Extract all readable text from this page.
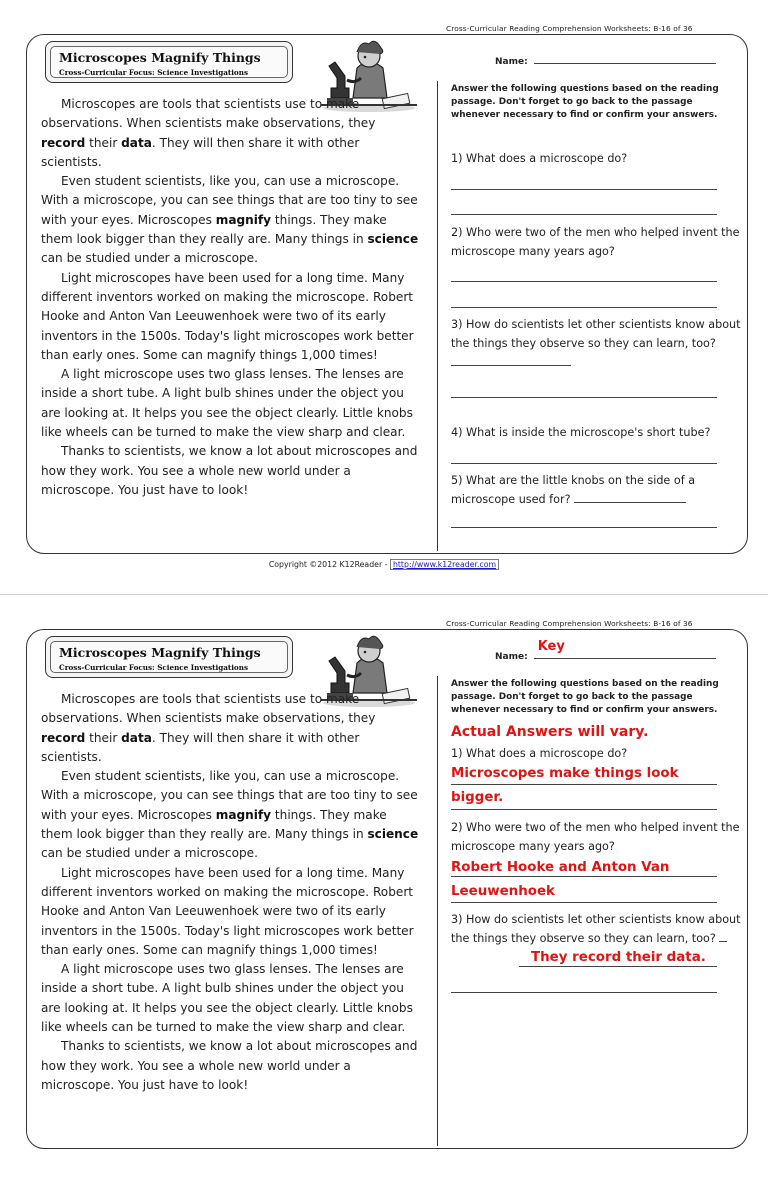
Cross-Curricular Reading Comprehension Worksheets: B-16 of 36
Microscopes Magnify Things
Cross-Curricular Focus: Science Investigations

Microscopes are tools that scientists use to make observations. When scientists make observations, they record their data. They will then share it with other scientists.

Even student scientists, like you, can use a microscope. With a microscope, you can see things that are too tiny to see with your eyes. Microscopes magnify things. They make them look bigger than they really are. Many things in science can be studied under a microscope.

Light microscopes have been used for a long time. Many different inventors worked on making the microscope. Robert Hooke and Anton Van Leeuwenhoek were two of its early inventors in the 1500s. Today's light microscopes work better than early ones. Some can magnify things 1,000 times!

A light microscope uses two glass lenses. The lenses are inside a short tube. A light bulb shines under the object you are looking at. It helps you see the object clearly. Little knobs like wheels can be turned to make the view sharp and clear.

Thanks to scientists, we know a lot about microscopes and how they work. You see a whole new world under a microscope. You just have to look!

Name:
Answer the following questions based on the reading passage. Don't forget to go back to the passage whenever necessary to find or confirm your answers.
1) What does a microscope do?
2) Who were two of the men who helped invent the microscope many years ago?
3) How do scientists let other scientists know about the things they observe so they can learn, too?
4) What is inside the microscope's short tube?
5) What are the little knobs on the side of a microscope used for?
Copyright ©2012 K12Reader - http://www.k12reader.com
Cross-Curricular Reading Comprehension Worksheets: B-16 of 36
Microscopes Magnify Things
Cross-Curricular Focus: Science Investigations

Microscopes are tools that scientists use to make observations. When scientists make observations, they record their data. They will then share it with other scientists.

Even student scientists, like you, can use a microscope. With a microscope, you can see things that are too tiny to see with your eyes. Microscopes magnify things. They make them look bigger than they really are. Many things in science can be studied under a microscope.

Light microscopes have been used for a long time. Many different inventors worked on making the microscope. Robert Hooke and Anton Van Leeuwenhoek were two of its early inventors in the 1500s. Today's light microscopes work better than early ones. Some can magnify things 1,000 times!

A light microscope uses two glass lenses. The lenses are inside a short tube. A light bulb shines under the object you are looking at. It helps you see the object clearly. Little knobs like wheels can be turned to make the view sharp and clear.

Thanks to scientists, we know a lot about microscopes and how they work. You see a whole new world under a microscope. You just have to look!

Name:
Key
Answer the following questions based on the reading passage. Don't forget to go back to the passage whenever necessary to find or confirm your answers.
Actual Answers will vary.
1) What does a microscope do?
Microscopes make things look
bigger.
2) Who were two of the men who helped invent the microscope many years ago?
Robert Hooke and Anton Van
Leeuwenhoek
3) How do scientists let other scientists know about the things they observe so they can learn, too?
They record their data.
